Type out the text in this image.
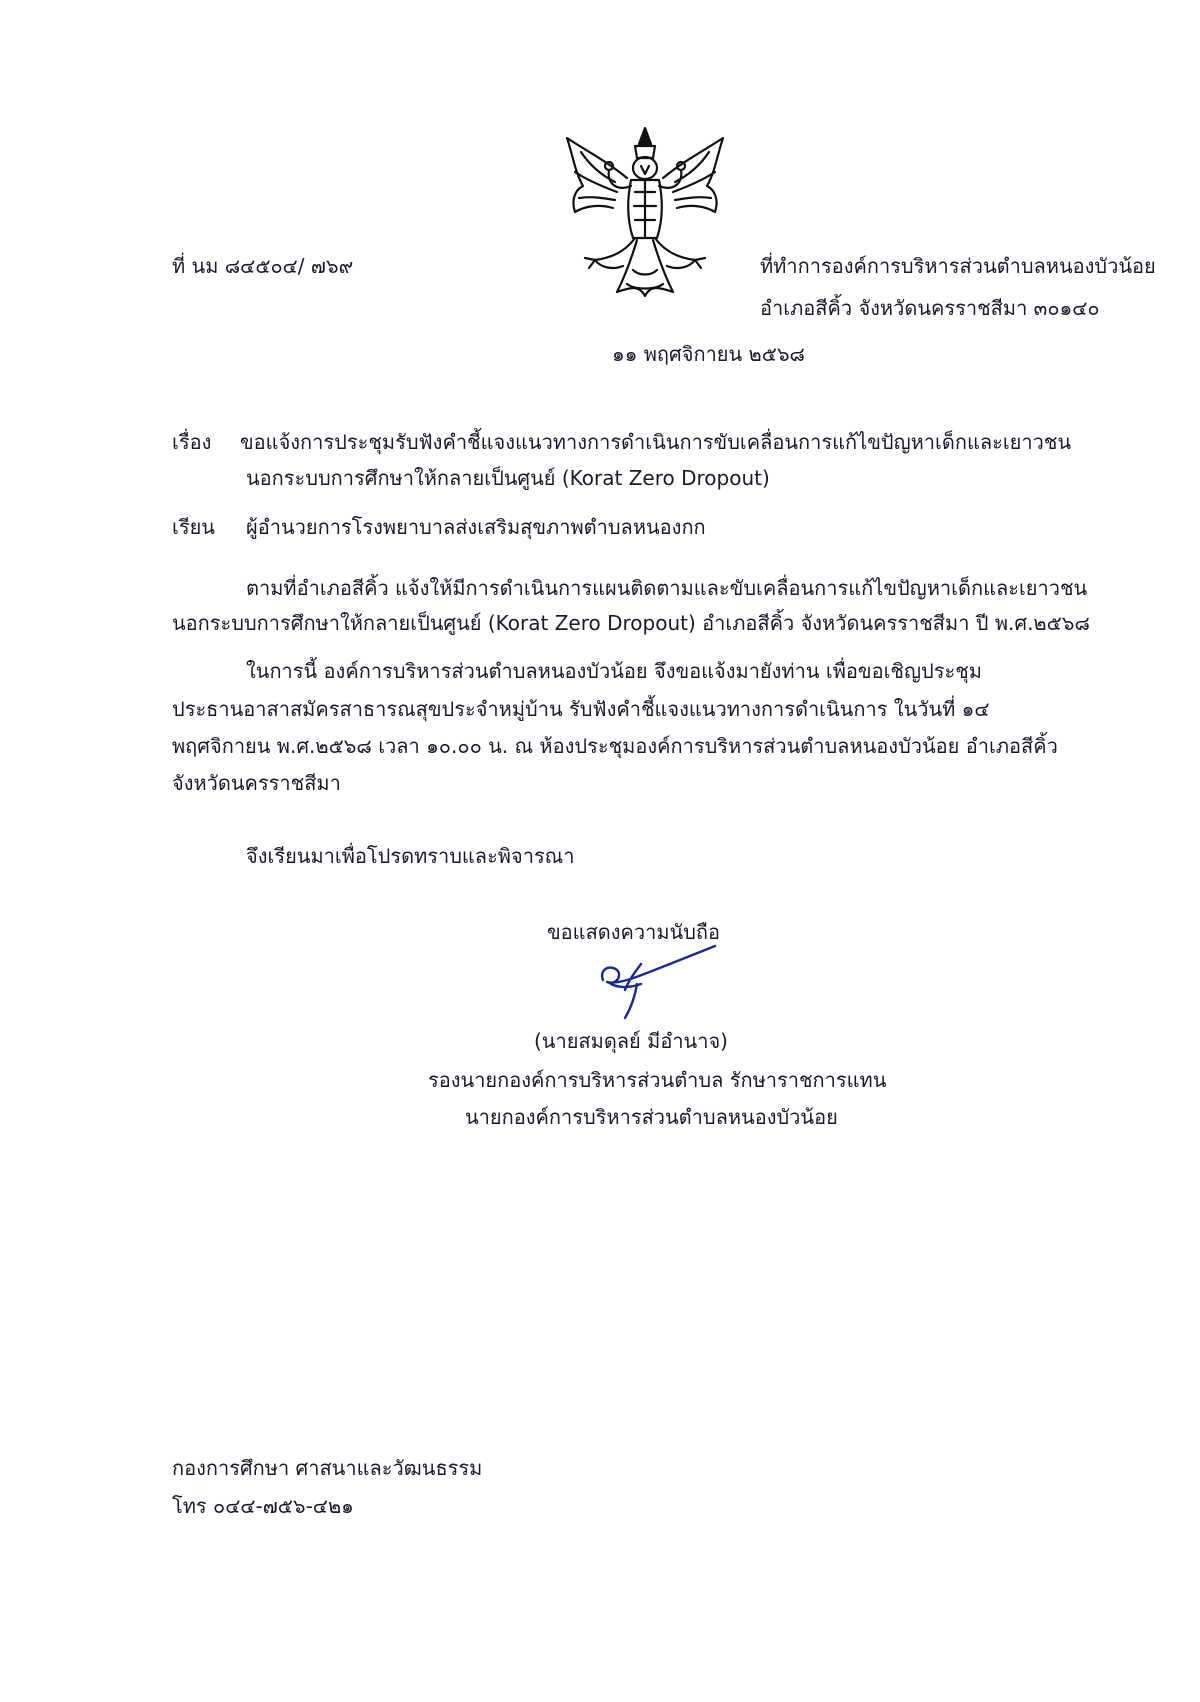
ที่ นม ๘๔๕๐๔/ ๗๖๙	ที่ทำการองค์การบริหารส่วนตำบลหนองบัวน้อย
อำเภอสีคิ้ว จังหวัดนครราชสีมา ๓๐๑๔๐
๑๑ พฤศจิกายน ๒๕๖๘
เรื่อง ขอแจ้งการประชุมรับฟังคำชี้แจงแนวทางการดำเนินการขับเคลื่อนการแก้ไขปัญหาเด็กและเยาวชน
นอกระบบการศึกษาให้กลายเป็นศูนย์ (Korat Zero Dropout)
เรียน ผู้อำนวยการโรงพยาบาลส่งเสริมสุขภาพตำบลหนองกก
ตามที่อำเภอสีคิ้ว แจ้งให้มีการดำเนินการแผนติดตามและขับเคลื่อนการแก้ไขปัญหาเด็กและเยาวชน
นอกระบบการศึกษาให้กลายเป็นศูนย์ (Korat Zero Dropout) อำเภอสีคิ้ว จังหวัดนครราชสีมา ปี พ.ศ.๒๕๖๘
ในการนี้ องค์การบริหารส่วนตำบลหนองบัวน้อย จึงขอแจ้งมายังท่าน เพื่อขอเชิญประชุม
ประธานอาสาสมัครสาธารณสุขประจำหมู่บ้าน รับฟังคำชี้แจงแนวทางการดำเนินการ ในวันที่ ๑๔
พฤศจิกายน พ.ศ.๒๕๖๘ เวลา ๑๐.๐๐ น. ณ ห้องประชุมองค์การบริหารส่วนตำบลหนองบัวน้อย อำเภอสีคิ้ว
จังหวัดนครราชสีมา
จึงเรียนมาเพื่อโปรดทราบและพิจารณา
ขอแสดงความนับถือ
(นายสมดุลย์ มีอำนาจ)
รองนายกองค์การบริหารส่วนตำบล รักษาราชการแทน
นายกองค์การบริหารส่วนตำบลหนองบัวน้อย
กองการศึกษา ศาสนาและวัฒนธรรม
โทร ๐๔๔-๗๕๖-๔๒๑
